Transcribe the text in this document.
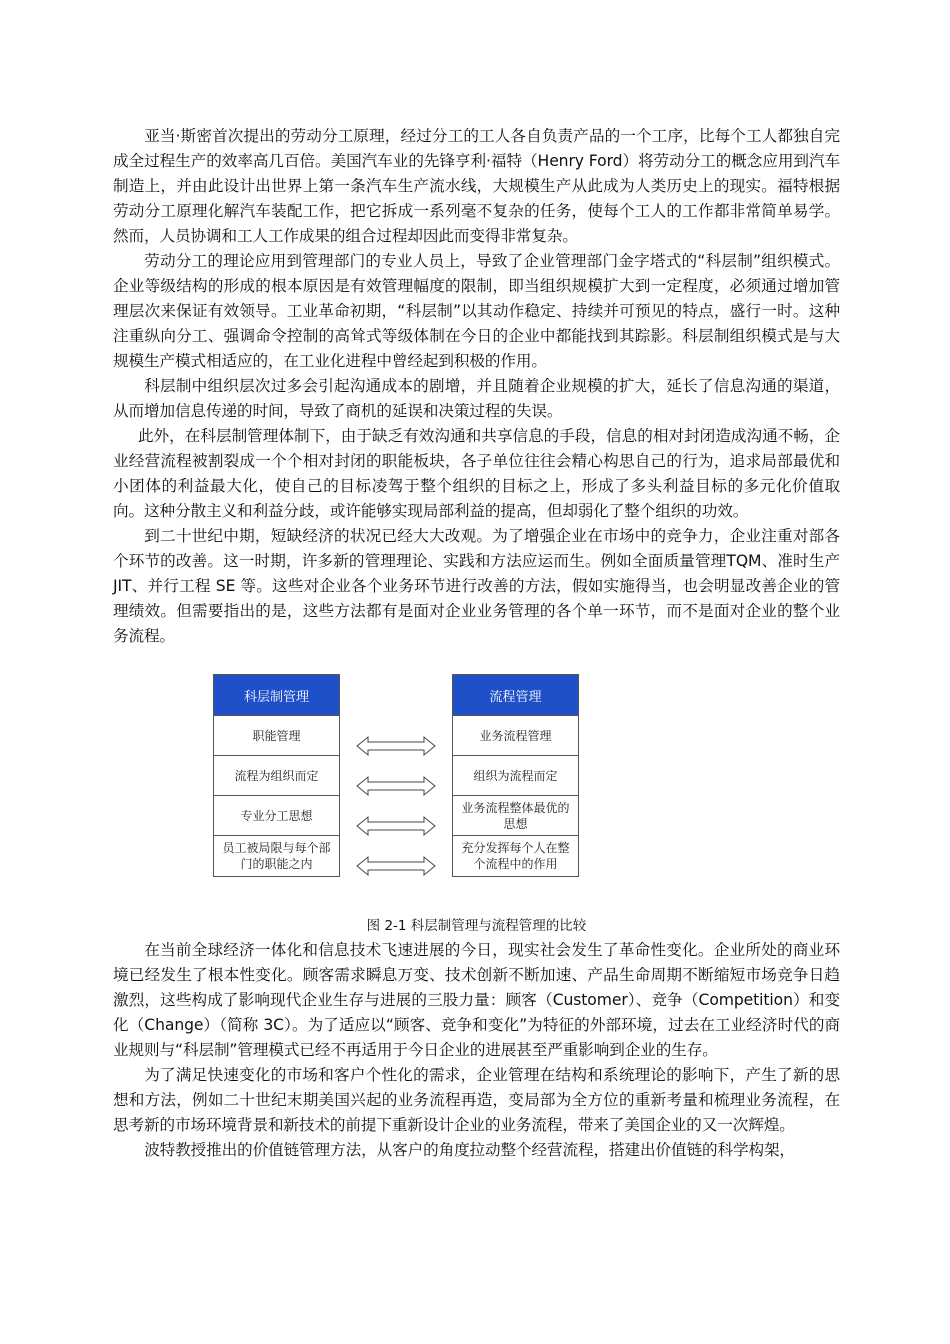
亚当·斯密首次提出的劳动分工原理，经过分工的工人各自负责产品的一个工序，比每个工人都独自完成全过程生产的效率高几百倍。美国汽车业的先锋亨利·福特（Henry Ford）将劳动分工的概念应用到汽车制造上，并由此设计出世界上第一条汽车生产流水线，大规模生产从此成为人类历史上的现实。福特根据劳动分工原理化解汽车装配工作，把它拆成一系列毫不复杂的任务，使每个工人的工作都非常简单易学。然而，人员协调和工人工作成果的组合过程却因此而变得非常复杂。

劳动分工的理论应用到管理部门的专业人员上，导致了企业管理部门金字塔式的“科层制”组织模式。企业等级结构的形成的根本原因是有效管理幅度的限制，即当组织规模扩大到一定程度，必须通过增加管理层次来保证有效领导。工业革命初期，“科层制”以其动作稳定、持续并可预见的特点，盛行一时。这种注重纵向分工、强调命令控制的高耸式等级体制在今日的企业中都能找到其踪影。科层制组织模式是与大规模生产模式相适应的，在工业化进程中曾经起到积极的作用。

科层制中组织层次过多会引起沟通成本的剧增，并且随着企业规模的扩大，延长了信息沟通的渠道，从而增加信息传递的时间，导致了商机的延误和决策过程的失误。

此外，在科层制管理体制下，由于缺乏有效沟通和共享信息的手段，信息的相对封闭造成沟通不畅，企业经营流程被割裂成一个个相对封闭的职能板块，各子单位往往会精心构思自己的行为，追求局部最优和小团体的利益最大化，使自己的目标凌驾于整个组织的目标之上，形成了多头利益目标的多元化价值取向。这种分散主义和利益分歧，或许能够实现局部利益的提高，但却弱化了整个组织的功效。

到二十世纪中期，短缺经济的状况已经大大改观。为了增强企业在市场中的竞争力，企业注重对部各个环节的改善。这一时期，许多新的管理理论、实践和方法应运而生。例如全面质量管理TQM、准时生产 JIT、并行工程 SE 等。这些对企业各个业务环节进行改善的方法，假如实施得当，也会明显改善企业的管理绩效。但需要指出的是，这些方法都有是面对企业业务管理的各个单一环节，而不是面对企业的整个业务流程。

科层制管理
职能管理
流程为组织而定
专业分工思想
员工被局限与每个部门的职能之内
流程管理
业务流程管理
组织为流程而定
业务流程整体最优的思想
充分发挥每个人在整个流程中的作用

图 2-1 科层制管理与流程管理的比较

在当前全球经济一体化和信息技术飞速进展的今日，现实社会发生了革命性变化。企业所处的商业环境已经发生了根本性变化。顾客需求瞬息万变、技术创新不断加速、产品生命周期不断缩短市场竞争日趋激烈，这些构成了影响现代企业生存与进展的三股力量：顾客（Customer）、竞争（Competition）和变化（Change）（简称 3C）。为了适应以“顾客、竞争和变化”为特征的外部环境，过去在工业经济时代的商业规则与“科层制”管理模式已经不再适用于今日企业的进展甚至严重影响到企业的生存。

为了满足快速变化的市场和客户个性化的需求，企业管理在结构和系统理论的影响下，产生了新的思想和方法，例如二十世纪末期美国兴起的业务流程再造，变局部为全方位的重新考量和梳理业务流程，在思考新的市场环境背景和新技术的前提下重新设计企业的业务流程，带来了美国企业的又一次辉煌。

波特教授推出的价值链管理方法，从客户的角度拉动整个经营流程，搭建出价值链的科学构架，
